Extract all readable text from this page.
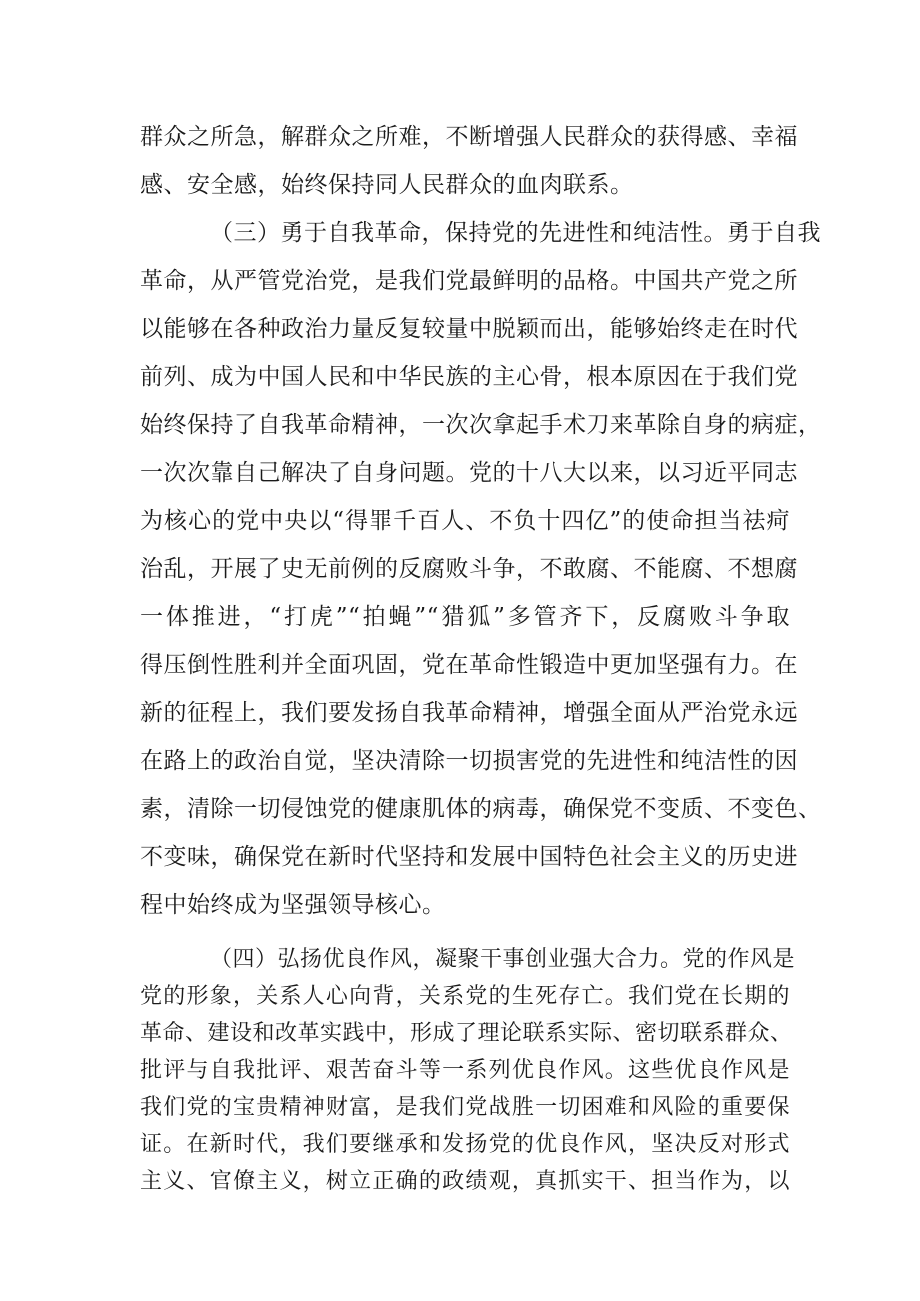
群众之所急，解群众之所难，不断增强人民群众的获得感、幸福
感、安全感，始终保持同人民群众的血肉联系。
（三）勇于自我革命，保持党的先进性和纯洁性。勇于自我
革命，从严管党治党，是我们党最鲜明的品格。中国共产党之所
以能够在各种政治力量反复较量中脱颖而出，能够始终走在时代
前列、成为中国人民和中华民族的主心骨，根本原因在于我们党
始终保持了自我革命精神，一次次拿起手术刀来革除自身的病症，
一次次靠自己解决了自身问题。党的十八大以来，以习近平同志
为核心的党中央以“得罪千百人、不负十四亿”的使命担当祛疴
治乱，开展了史无前例的反腐败斗争，不敢腐、不能腐、不想腐
一体推进，“打虎”“拍蝇”“猎狐”多管齐下，反腐败斗争取
得压倒性胜利并全面巩固，党在革命性锻造中更加坚强有力。在
新的征程上，我们要发扬自我革命精神，增强全面从严治党永远
在路上的政治自觉，坚决清除一切损害党的先进性和纯洁性的因
素，清除一切侵蚀党的健康肌体的病毒，确保党不变质、不变色、
不变味，确保党在新时代坚持和发展中国特色社会主义的历史进
程中始终成为坚强领导核心。
（四）弘扬优良作风，凝聚干事创业强大合力。党的作风是
党的形象，关系人心向背，关系党的生死存亡。我们党在长期的
革命、建设和改革实践中，形成了理论联系实际、密切联系群众、
批评与自我批评、艰苦奋斗等一系列优良作风。这些优良作风是
我们党的宝贵精神财富，是我们党战胜一切困难和风险的重要保
证。在新时代，我们要继承和发扬党的优良作风，坚决反对形式
主义、官僚主义，树立正确的政绩观，真抓实干、担当作为，以
